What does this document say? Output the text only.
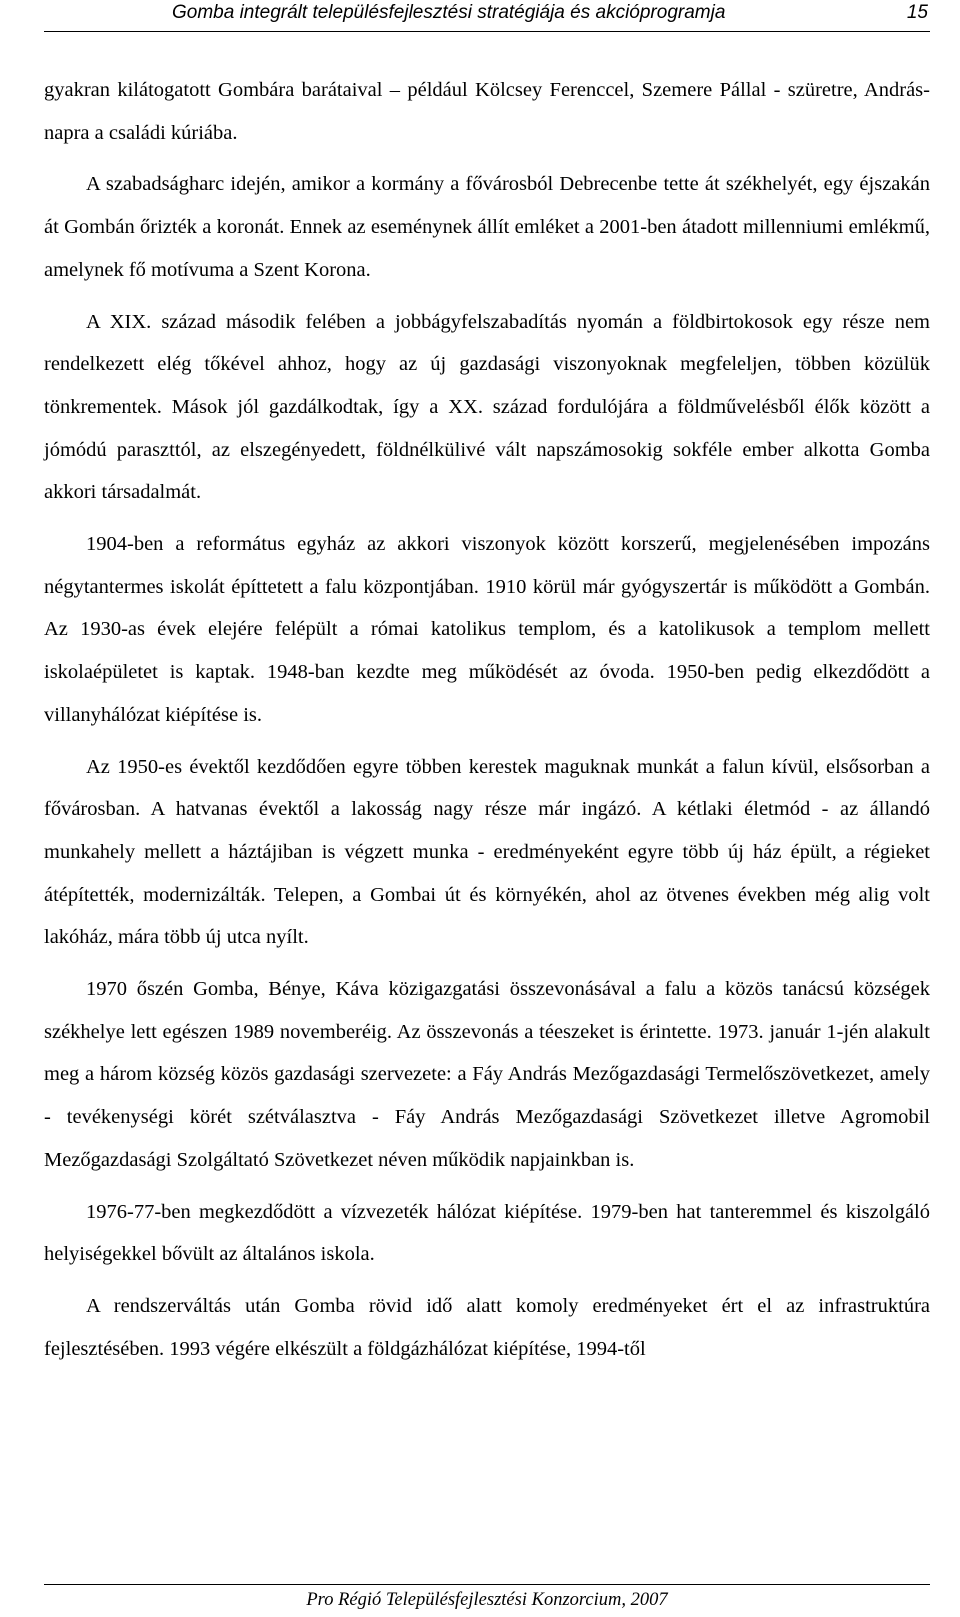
Gomba integrált településfejlesztési stratégiája és akcióprogramja	15

gyakran kilátogatott Gombára barátaival – például Kölcsey Ferenccel, Szemere Pállal - szüretre, András-napra a családi kúriába.

A szabadságharc idején, amikor a kormány a fővárosból Debrecenbe tette át székhelyét, egy éjszakán át Gombán őrizték a koronát. Ennek az eseménynek állít emléket a 2001-ben átadott millenniumi emlékmű, amelynek fő motívuma a Szent Korona.

A XIX. század második felében a jobbágyfelszabadítás nyomán a földbirtokosok egy része nem rendelkezett elég tőkével ahhoz, hogy az új gazdasági viszonyoknak megfeleljen, többen közülük tönkrementek. Mások jól gazdálkodtak, így a XX. század fordulójára a földművelésből élők között a jómódú paraszttól, az elszegényedett, földnélkülivé vált napszámosokig sokféle ember alkotta Gomba akkori társadalmát.

1904-ben a református egyház az akkori viszonyok között korszerű, megjelenésében impozáns négytantermes iskolát építtetett a falu központjában. 1910 körül már gyógyszertár is működött a Gombán. Az 1930-as évek elejére felépült a római katolikus templom, és a katolikusok a templom mellett iskolaépületet is kaptak. 1948-ban kezdte meg működését az óvoda. 1950-ben pedig elkezdődött a villanyhálózat kiépítése is.

Az 1950-es évektől kezdődően egyre többen kerestek maguknak munkát a falun kívül, elsősorban a fővárosban. A hatvanas évektől a lakosság nagy része már ingázó. A kétlaki életmód - az állandó munkahely mellett a háztájiban is végzett munka - eredményeként egyre több új ház épült, a régieket átépítették, modernizálták. Telepen, a Gombai út és környékén, ahol az ötvenes években még alig volt lakóház, mára több új utca nyílt.

1970 őszén Gomba, Bénye, Káva közigazgatási összevonásával a falu a közös tanácsú községek székhelye lett egészen 1989 novemberéig. Az összevonás a téeszeket is érintette. 1973. január 1-jén alakult meg a három község közös gazdasági szervezete: a Fáy András Mezőgazdasági Termelőszövetkezet, amely - tevékenységi körét szétválasztva - Fáy András Mezőgazdasági Szövetkezet illetve Agromobil Mezőgazdasági Szolgáltató Szövetkezet néven működik napjainkban is.

1976-77-ben megkezdődött a vízvezeték hálózat kiépítése. 1979-ben hat tanteremmel és kiszolgáló helyiségekkel bővült az általános iskola.

A rendszerváltás után Gomba rövid idő alatt komoly eredményeket ért el az infrastruktúra fejlesztésében. 1993 végére elkészült a földgázhálózat kiépítése, 1994-től

Pro Régió Településfejlesztési Konzorcium, 2007
